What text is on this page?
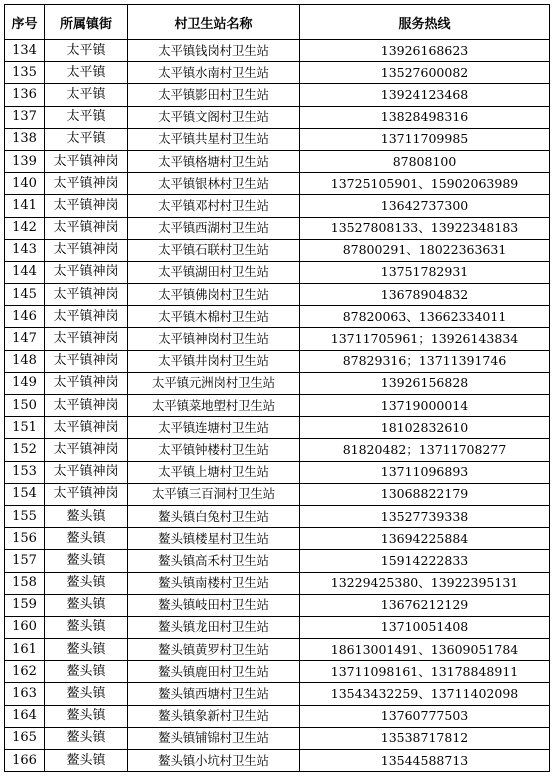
序号	所属镇街	村卫生站名称	服务热线
134	太平镇	太平镇钱岗村卫生站	13926168623
135	太平镇	太平镇水南村卫生站	13527600082
136	太平镇	太平镇影田村卫生站	13924123468
137	太平镇	太平镇文阁村卫生站	13828498316
138	太平镇	太平镇共星村卫生站	13711709985
139	太平镇神岗	太平镇格塘村卫生站	87808100
140	太平镇神岗	太平镇银林村卫生站	13725105901、15902063989
141	太平镇神岗	太平镇邓村村卫生站	13642737300
142	太平镇神岗	太平镇西湖村卫生站	13527808133、13922348183
143	太平镇神岗	太平镇石联村卫生站	87800291、18022363631
144	太平镇神岗	太平镇湖田村卫生站	13751782931
145	太平镇神岗	太平镇佛岗村卫生站	13678904832
146	太平镇神岗	太平镇木棉村卫生站	87820063、13662334011
147	太平镇神岗	太平镇神岗村卫生站	13711705961；13926143834
148	太平镇神岗	太平镇井岗村卫生站	87829316；13711391746
149	太平镇神岗	太平镇元洲岗村卫生站	13926156828
150	太平镇神岗	太平镇菜地塱村卫生站	13719000014
151	太平镇神岗	太平镇连塘村卫生站	18102832610
152	太平镇神岗	太平镇钟楼村卫生站	81820482；13711708277
153	太平镇神岗	太平镇上塘村卫生站	13711096893
154	太平镇神岗	太平镇三百洞村卫生站	13068822179
155	鳌头镇	鳌头镇白兔村卫生站	13527739338
156	鳌头镇	鳌头镇楼星村卫生站	13694225884
157	鳌头镇	鳌头镇高禾村卫生站	15914222833
158	鳌头镇	鳌头镇南楼村卫生站	13229425380、13922395131
159	鳌头镇	鳌头镇岐田村卫生站	13676212129
160	鳌头镇	鳌头镇龙田村卫生站	13710051408
161	鳌头镇	鳌头镇黄罗村卫生站	18613001491、13609051784
162	鳌头镇	鳌头镇鹿田村卫生站	13711098161、13178848911
163	鳌头镇	鳌头镇西塘村卫生站	13543432259、13711402098
164	鳌头镇	鳌头镇象新村卫生站	13760777503
165	鳌头镇	鳌头镇铺锦村卫生站	13538717812
166	鳌头镇	鳌头镇小坑村卫生站	13544588713
